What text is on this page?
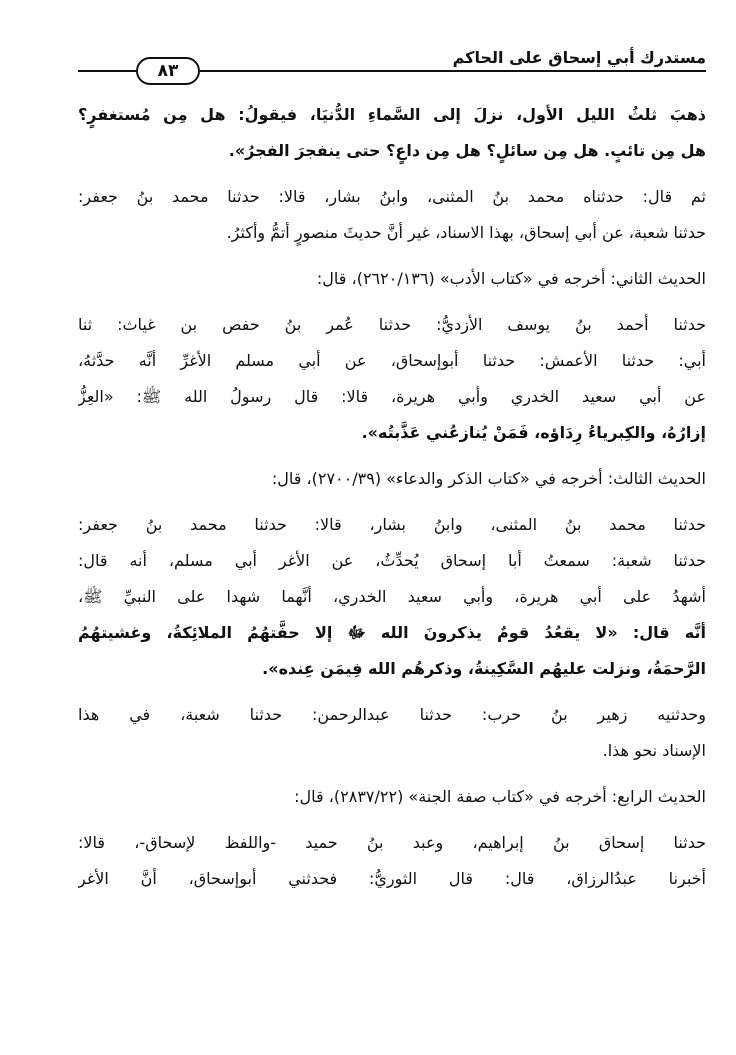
مستدرك أبي إسحاق على الحاكم
٨٣
ذهبَ ثلثُ الليل الأول، نزلَ إلى السَّماءِ الدُّنيَا، فيقولُ: هل مِن مُستغفرٍ؟
هل مِن تائبٍ. هل مِن سائلٍ؟ هل مِن داعٍ؟ حتى ينفجرَ الفجرُ».
ثم قال: حدثناه محمد بنُ المثنى، وابنُ بشار، قالا: حدثنا محمد بنُ جعفر:
حدثنا شعبة، عن أبي إسحاق، بهذا الاسناد، غير أنَّ حديثَ منصورٍ أتمُّ وأكثرُ.
الحديث الثاني: أخرجه في «كتاب الأدب» (٢٦٢٠/١٣٦)، قال:
حدثنا أحمد بنُ يوسف الأزديُّ: حدثنا عُمر بنُ حفص بن غياث: ثنا
أبي: حدثنا الأعمش: حدثنا أبوإسحاق، عن أبي مسلم الأغرِّ أنَّه حدَّثهُ،
عن أبي سعيد الخدري وأبي هريرة، قالا: قال رسولُ الله ﷺ: «العِزُّ
إزارُهُ، والكِبرياءُ رِدَاؤه، فَمَنْ يُنازعُني عَذَّبتُه».
الحديث الثالث: أخرجه في «كتاب الذكر والدعاء» (٢٧٠٠/٣٩)، قال:
حدثنا محمد بنُ المثنى، وابنُ بشار، قالا: حدثنا محمد بنُ جعفر:
حدثنا شعبة: سمعتُ أبا إسحاق يُحدِّثُ، عن الأغر أبي مسلم، أنه قال:
أشهدُ على أبي هريرة، وأبي سعيد الخدري، أنَّهما شهدا على النبيِّ ﷺ،
أنَّه قال: «لا يقعُدُ قومٌ يذكرونَ الله ﷻ إلا حفَّتهُمُ الملائِكةُ، وغشيتهُمُ
الرَّحمَةُ، ونزلت عليهُم السَّكِينةُ، وذكرهُم الله فِيمَن عِنده».
وحدثنيه زهير بنُ حرب: حدثنا عبدالرحمن: حدثنا شعبة، في هذا
الإسناد نحو هذا.
الحديث الرابع: أخرجه في «كتاب صفة الجنة» (٢٨٣٧/٢٢)، قال:
حدثنا إسحاق بنُ إبراهيم، وعبد بنُ حميد -واللفظ لإسحاق-، قالا:
أخبرنا عبدُالرزاق، قال: قال الثوريُّ: فحدثني أبوإسحاق، أنَّ الأغر
